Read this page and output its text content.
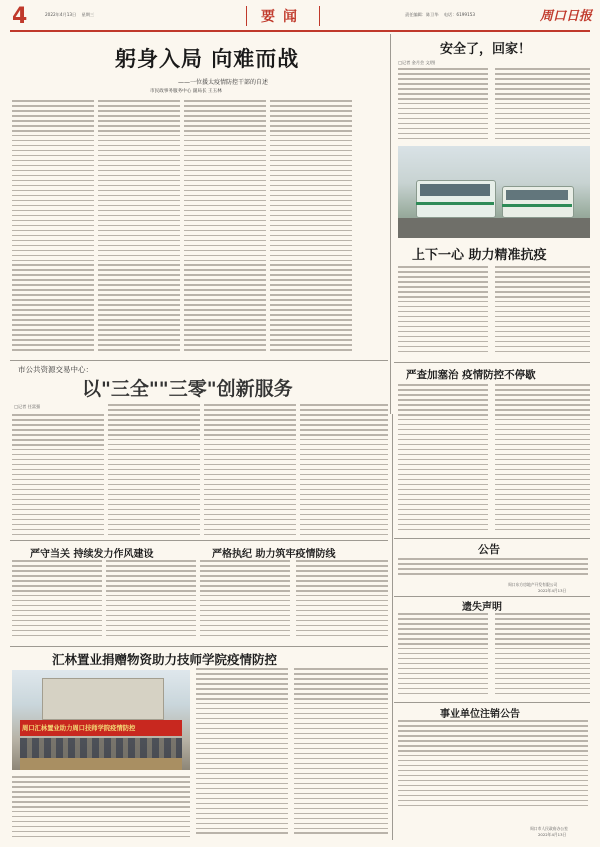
4	2022年4月13日 星期三	要闻	责任编辑：陈卫华 电话：6199153	周口日报
躬身入局 向难而战
——一位援太疫情防控干部的自述
市民政事务服务中心 副局长 王玉林
安全了，回家！
□记者 金月会 文/图
上下一心 助力精准抗疫
严查加塞治 疫情防控不停歇
市公共资源交易中心：
以"三全""三零"创新服务
□记者 任富强
公告
周口东方房地产开发有限公司
2022年4月13日
遗失声明
事业单位注销公告
周口市人民政府办公室
2022年4月13日
严守当关 持续发力作风建设	严格执纪 助力筑牢疫情防线
汇林置业捐赠物资助力技师学院疫情防控
周口汇林置业助力周口技师学院疫情防控
